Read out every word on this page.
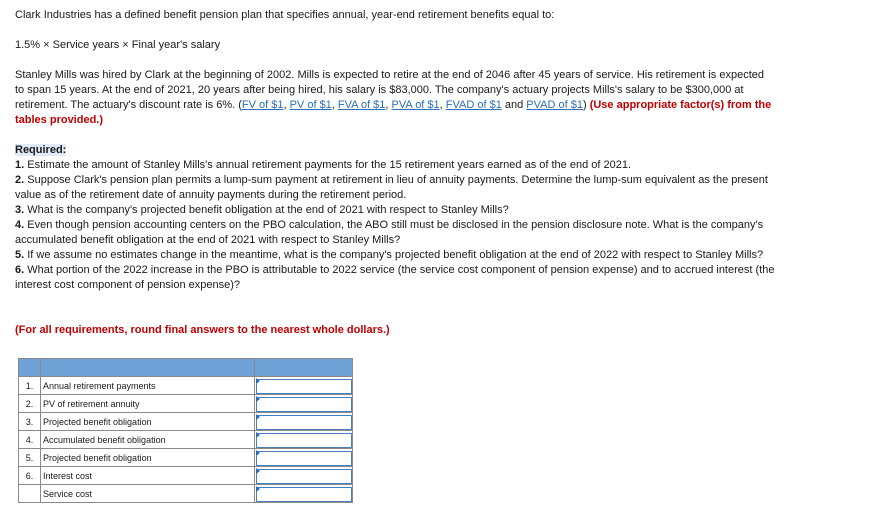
Clark Industries has a defined benefit pension plan that specifies annual, year-end retirement benefits equal to:

1.5% × Service years × Final year's salary

Stanley Mills was hired by Clark at the beginning of 2002. Mills is expected to retire at the end of 2046 after 45 years of service. His retirement is expected to span 15 years. At the end of 2021, 20 years after being hired, his salary is $83,000. The company's actuary projects Mills's salary to be $300,000 at retirement. The actuary's discount rate is 6%. (FV of $1, PV of $1, FVA of $1, PVA of $1, FVAD of $1 and PVAD of $1) (Use appropriate factor(s) from the tables provided.)

Required:
1. Estimate the amount of Stanley Mills's annual retirement payments for the 15 retirement years earned as of the end of 2021.
2. Suppose Clark's pension plan permits a lump-sum payment at retirement in lieu of annuity payments. Determine the lump-sum equivalent as the present value as of the retirement date of annuity payments during the retirement period.
3. What is the company's projected benefit obligation at the end of 2021 with respect to Stanley Mills?
4. Even though pension accounting centers on the PBO calculation, the ABO still must be disclosed in the pension disclosure note. What is the company's accumulated benefit obligation at the end of 2021 with respect to Stanley Mills?
5. If we assume no estimates change in the meantime, what is the company's projected benefit obligation at the end of 2022 with respect to Stanley Mills?
6. What portion of the 2022 increase in the PBO is attributable to 2022 service (the service cost component of pension expense) and to accrued interest (the interest cost component of pension expense)?

(For all requirements, round final answers to the nearest whole dollars.)

1.	Annual retirement payments	

2.	PV of retirement annuity	

3.	Projected benefit obligation	

4.	Accumulated benefit obligation	

5.	Projected benefit obligation	

6.	Interest cost	

	Service cost	
